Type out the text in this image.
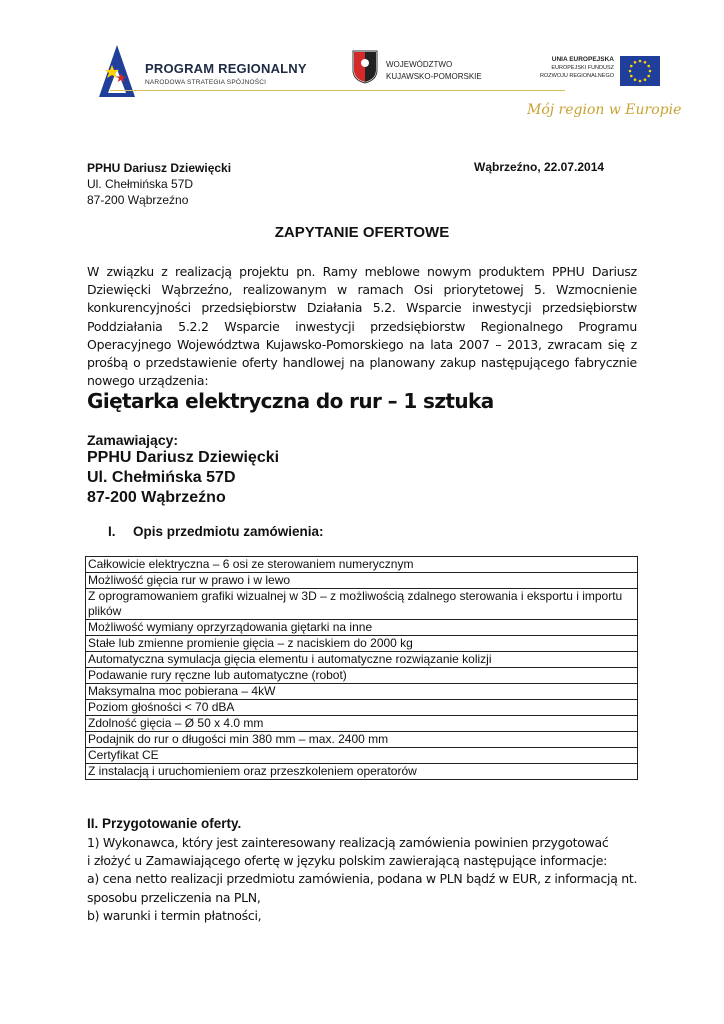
PROGRAM REGIONALNY
NARODOWA STRATEGIA SPÓJNOŚCI
WOJEWÓDZTWO
KUJAWSKO-POMORSKIE
UNIA EUROPEJSKA
EUROPEJSKI FUNDUSZ
ROZWOJU REGIONALNEGO
Mój region w Europie
PPHU Dariusz Dziewięcki
Ul. Chełmińska 57D
87-200 Wąbrzeźno
Wąbrzeźno, 22.07.2014
ZAPYTANIE OFERTOWE
W związku z realizacją projektu pn. Ramy meblowe nowym produktem PPHU Dariusz
Dziewięcki Wąbrzeźno, realizowanym w ramach Osi priorytetowej 5. Wzmocnienie
konkurencyjności przedsiębiorstw Działania 5.2. Wsparcie inwestycji przedsiębiorstw
Poddziałania 5.2.2 Wsparcie inwestycji przedsiębiorstw Regionalnego Programu
Operacyjnego Województwa Kujawsko-Pomorskiego na lata 2007 – 2013, zwracam się z
prośbą o przedstawienie oferty handlowej na planowany zakup następującego fabrycznie
nowego urządzenia:
Giętarka elektryczna do rur – 1 sztuka
Zamawiający:
PPHU Dariusz Dziewięcki
Ul. Chełmińska 57D
87-200 Wąbrzeźno
I. Opis przedmiotu zamówienia:
Całkowicie elektryczna – 6 osi ze sterowaniem numerycznym
Możliwość gięcia rur w prawo i w lewo
Z oprogramowaniem grafiki wizualnej w 3D – z możliwością zdalnego sterowania i eksportu i importu plików
Możliwość wymiany oprzyrządowania giętarki na inne
Stałe lub zmienne promienie gięcia – z naciskiem do 2000 kg
Automatyczna symulacja gięcia elementu i automatyczne rozwiązanie kolizji
Podawanie rury ręczne lub automatyczne (robot)
Maksymalna moc pobierana – 4kW
Poziom głośności < 70 dBA
Zdolność gięcia – Ø 50 x 4.0 mm
Podajnik do rur o długości min 380 mm – max. 2400 mm
Certyfikat CE
Z instalacją i uruchomieniem oraz przeszkoleniem operatorów
II. Przygotowanie oferty.
1) Wykonawca, który jest zainteresowany realizacją zamówienia powinien przygotować
i złożyć u Zamawiającego ofertę w języku polskim zawierającą następujące informacje:
a) cena netto realizacji przedmiotu zamówienia, podana w PLN bądź w EUR, z informacją nt.
sposobu przeliczenia na PLN,
b) warunki i termin płatności,
